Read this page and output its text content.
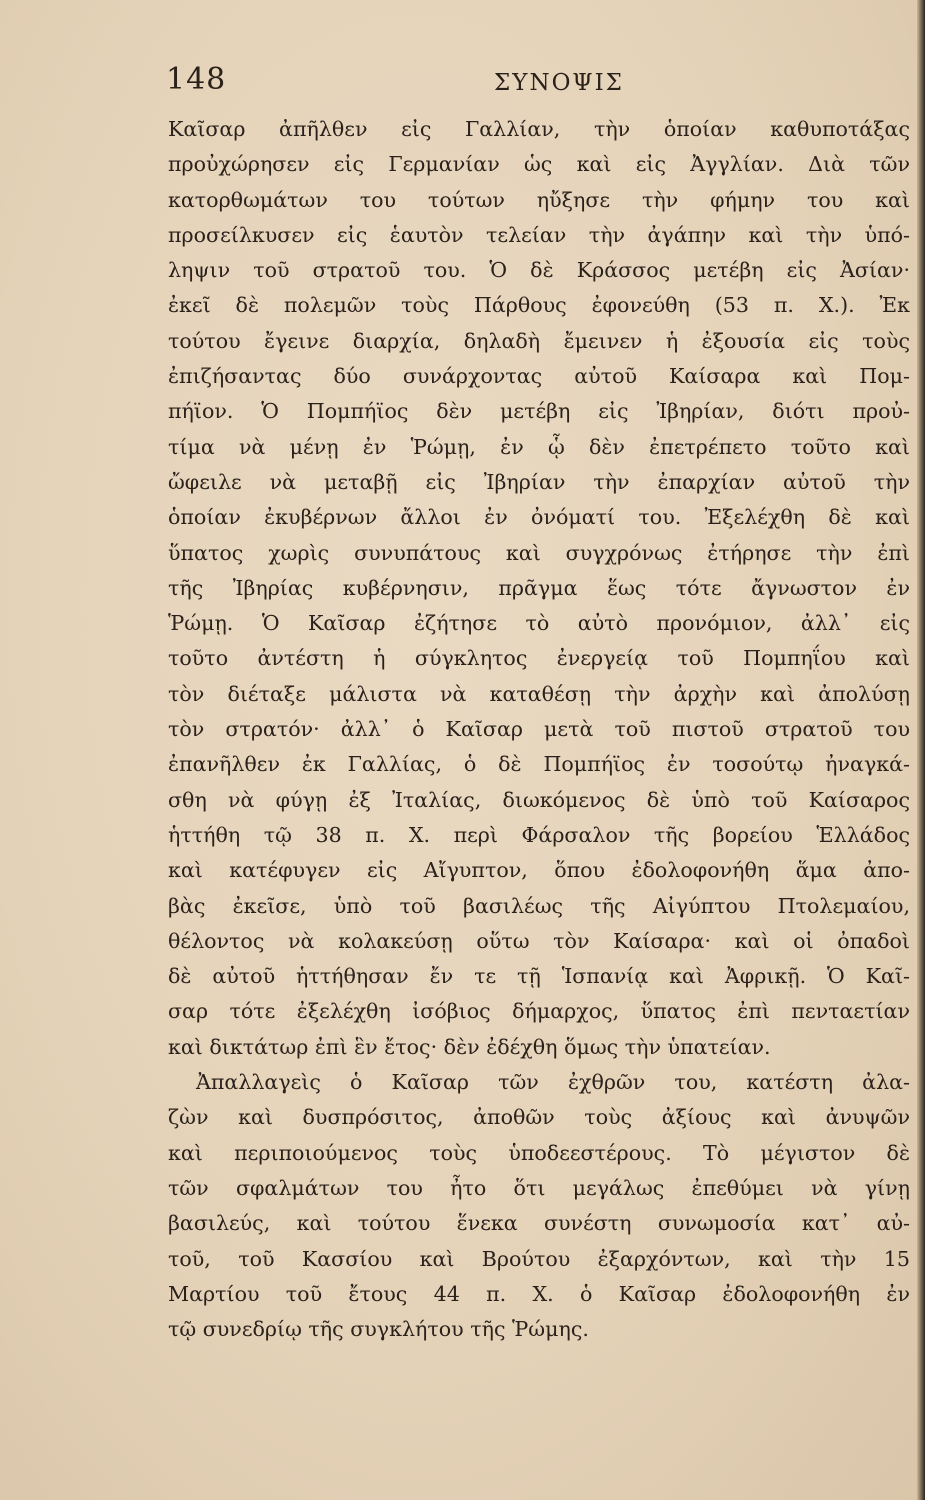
148	ΣΥΝΟΨΙΣ
Καῖσαρ ἀπῆλθεν εἰς Γαλλίαν, τὴν ὁποίαν καθυποτάξας
προὐχώρησεν εἰς Γερμανίαν ὡς καὶ εἰς Ἀγγλίαν. Διὰ τῶν
κατορθωμάτων του τούτων ηὔξησε τὴν φήμην του καὶ
προσείλκυσεν εἰς ἑαυτὸν τελείαν τὴν ἀγάπην καὶ τὴν ὑπό-
ληψιν τοῦ στρατοῦ του. Ὁ δὲ Κράσσος μετέβη εἰς Ἀσίαν·
ἐκεῖ δὲ πολεμῶν τοὺς Πάρθους ἐφονεύθη (53 π. Χ.). Ἐκ
τούτου ἔγεινε διαρχία, δηλαδὴ ἔμεινεν ἡ ἐξουσία εἰς τοὺς
ἐπιζήσαντας δύο συνάρχοντας αὐτοῦ Καίσαρα καὶ Πομ-
πήϊον. Ὁ Πομπήϊος δὲν μετέβη εἰς Ἰβηρίαν, διότι προὐ-
τίμα νὰ μένῃ ἐν Ῥώμῃ, ἐν ᾧ δὲν ἐπετρέπετο τοῦτο καὶ
ὤφειλε νὰ μεταβῇ εἰς Ἰβηρίαν τὴν ἐπαρχίαν αὐτοῦ τὴν
ὁποίαν ἐκυβέρνων ἄλλοι ἐν ὀνόματί του. Ἐξελέχθη δὲ καὶ
ὕπατος χωρὶς συνυπάτους καὶ συγχρόνως ἐτήρησε τὴν ἐπὶ
τῆς Ἰβηρίας κυβέρνησιν, πρᾶγμα ἕως τότε ἄγνωστον ἐν
Ῥώμῃ. Ὁ Καῖσαρ ἐζήτησε τὸ αὐτὸ προνόμιον, ἀλλ᾽ εἰς
τοῦτο ἀντέστη ἡ σύγκλητος ἐνεργείᾳ τοῦ Πομπηΐου καὶ
τὸν διέταξε μάλιστα νὰ καταθέσῃ τὴν ἀρχὴν καὶ ἀπολύσῃ
τὸν στρατόν· ἀλλ᾽ ὁ Καῖσαρ μετὰ τοῦ πιστοῦ στρατοῦ του
ἐπανῆλθεν ἐκ Γαλλίας, ὁ δὲ Πομπήϊος ἐν τοσούτῳ ἠναγκά-
σθη νὰ φύγῃ ἐξ Ἰταλίας, διωκόμενος δὲ ὑπὸ τοῦ Καίσαρος
ἡττήθη τῷ 38 π. Χ. περὶ Φάρσαλον τῆς βορείου Ἑλλάδος
καὶ κατέφυγεν εἰς Αἴγυπτον, ὅπου ἐδολοφονήθη ἅμα ἀπο-
βὰς ἐκεῖσε, ὑπὸ τοῦ βασιλέως τῆς Αἰγύπτου Πτολεμαίου,
θέλοντος νὰ κολακεύσῃ οὕτω τὸν Καίσαρα· καὶ οἱ ὀπαδοὶ
δὲ αὐτοῦ ἡττήθησαν ἔν τε τῇ Ἱσπανίᾳ καὶ Ἀφρικῇ. Ὁ Καῖ-
σαρ τότε ἐξελέχθη ἰσόβιος δήμαρχος, ὕπατος ἐπὶ πενταετίαν
καὶ δικτάτωρ ἐπὶ ἓν ἔτος· δὲν ἐδέχθη ὅμως τὴν ὑπατείαν.
Ἀπαλλαγεὶς ὁ Καῖσαρ τῶν ἐχθρῶν του, κατέστη ἀλα-
ζὼν καὶ δυσπρόσιτος, ἀποθῶν τοὺς ἀξίους καὶ ἀνυψῶν
καὶ περιποιούμενος τοὺς ὑποδεεστέρους. Τὸ μέγιστον δὲ
τῶν σφαλμάτων του ἦτο ὅτι μεγάλως ἐπεθύμει νὰ γίνῃ
βασιλεύς, καὶ τούτου ἕνεκα συνέστη συνωμοσία κατ᾽ αὐ-
τοῦ, τοῦ Κασσίου καὶ Βρούτου ἐξαρχόντων, καὶ τὴν 15
Μαρτίου τοῦ ἔτους 44 π. Χ. ὁ Καῖσαρ ἐδολοφονήθη ἐν
τῷ συνεδρίῳ τῆς συγκλήτου τῆς Ῥώμης.
